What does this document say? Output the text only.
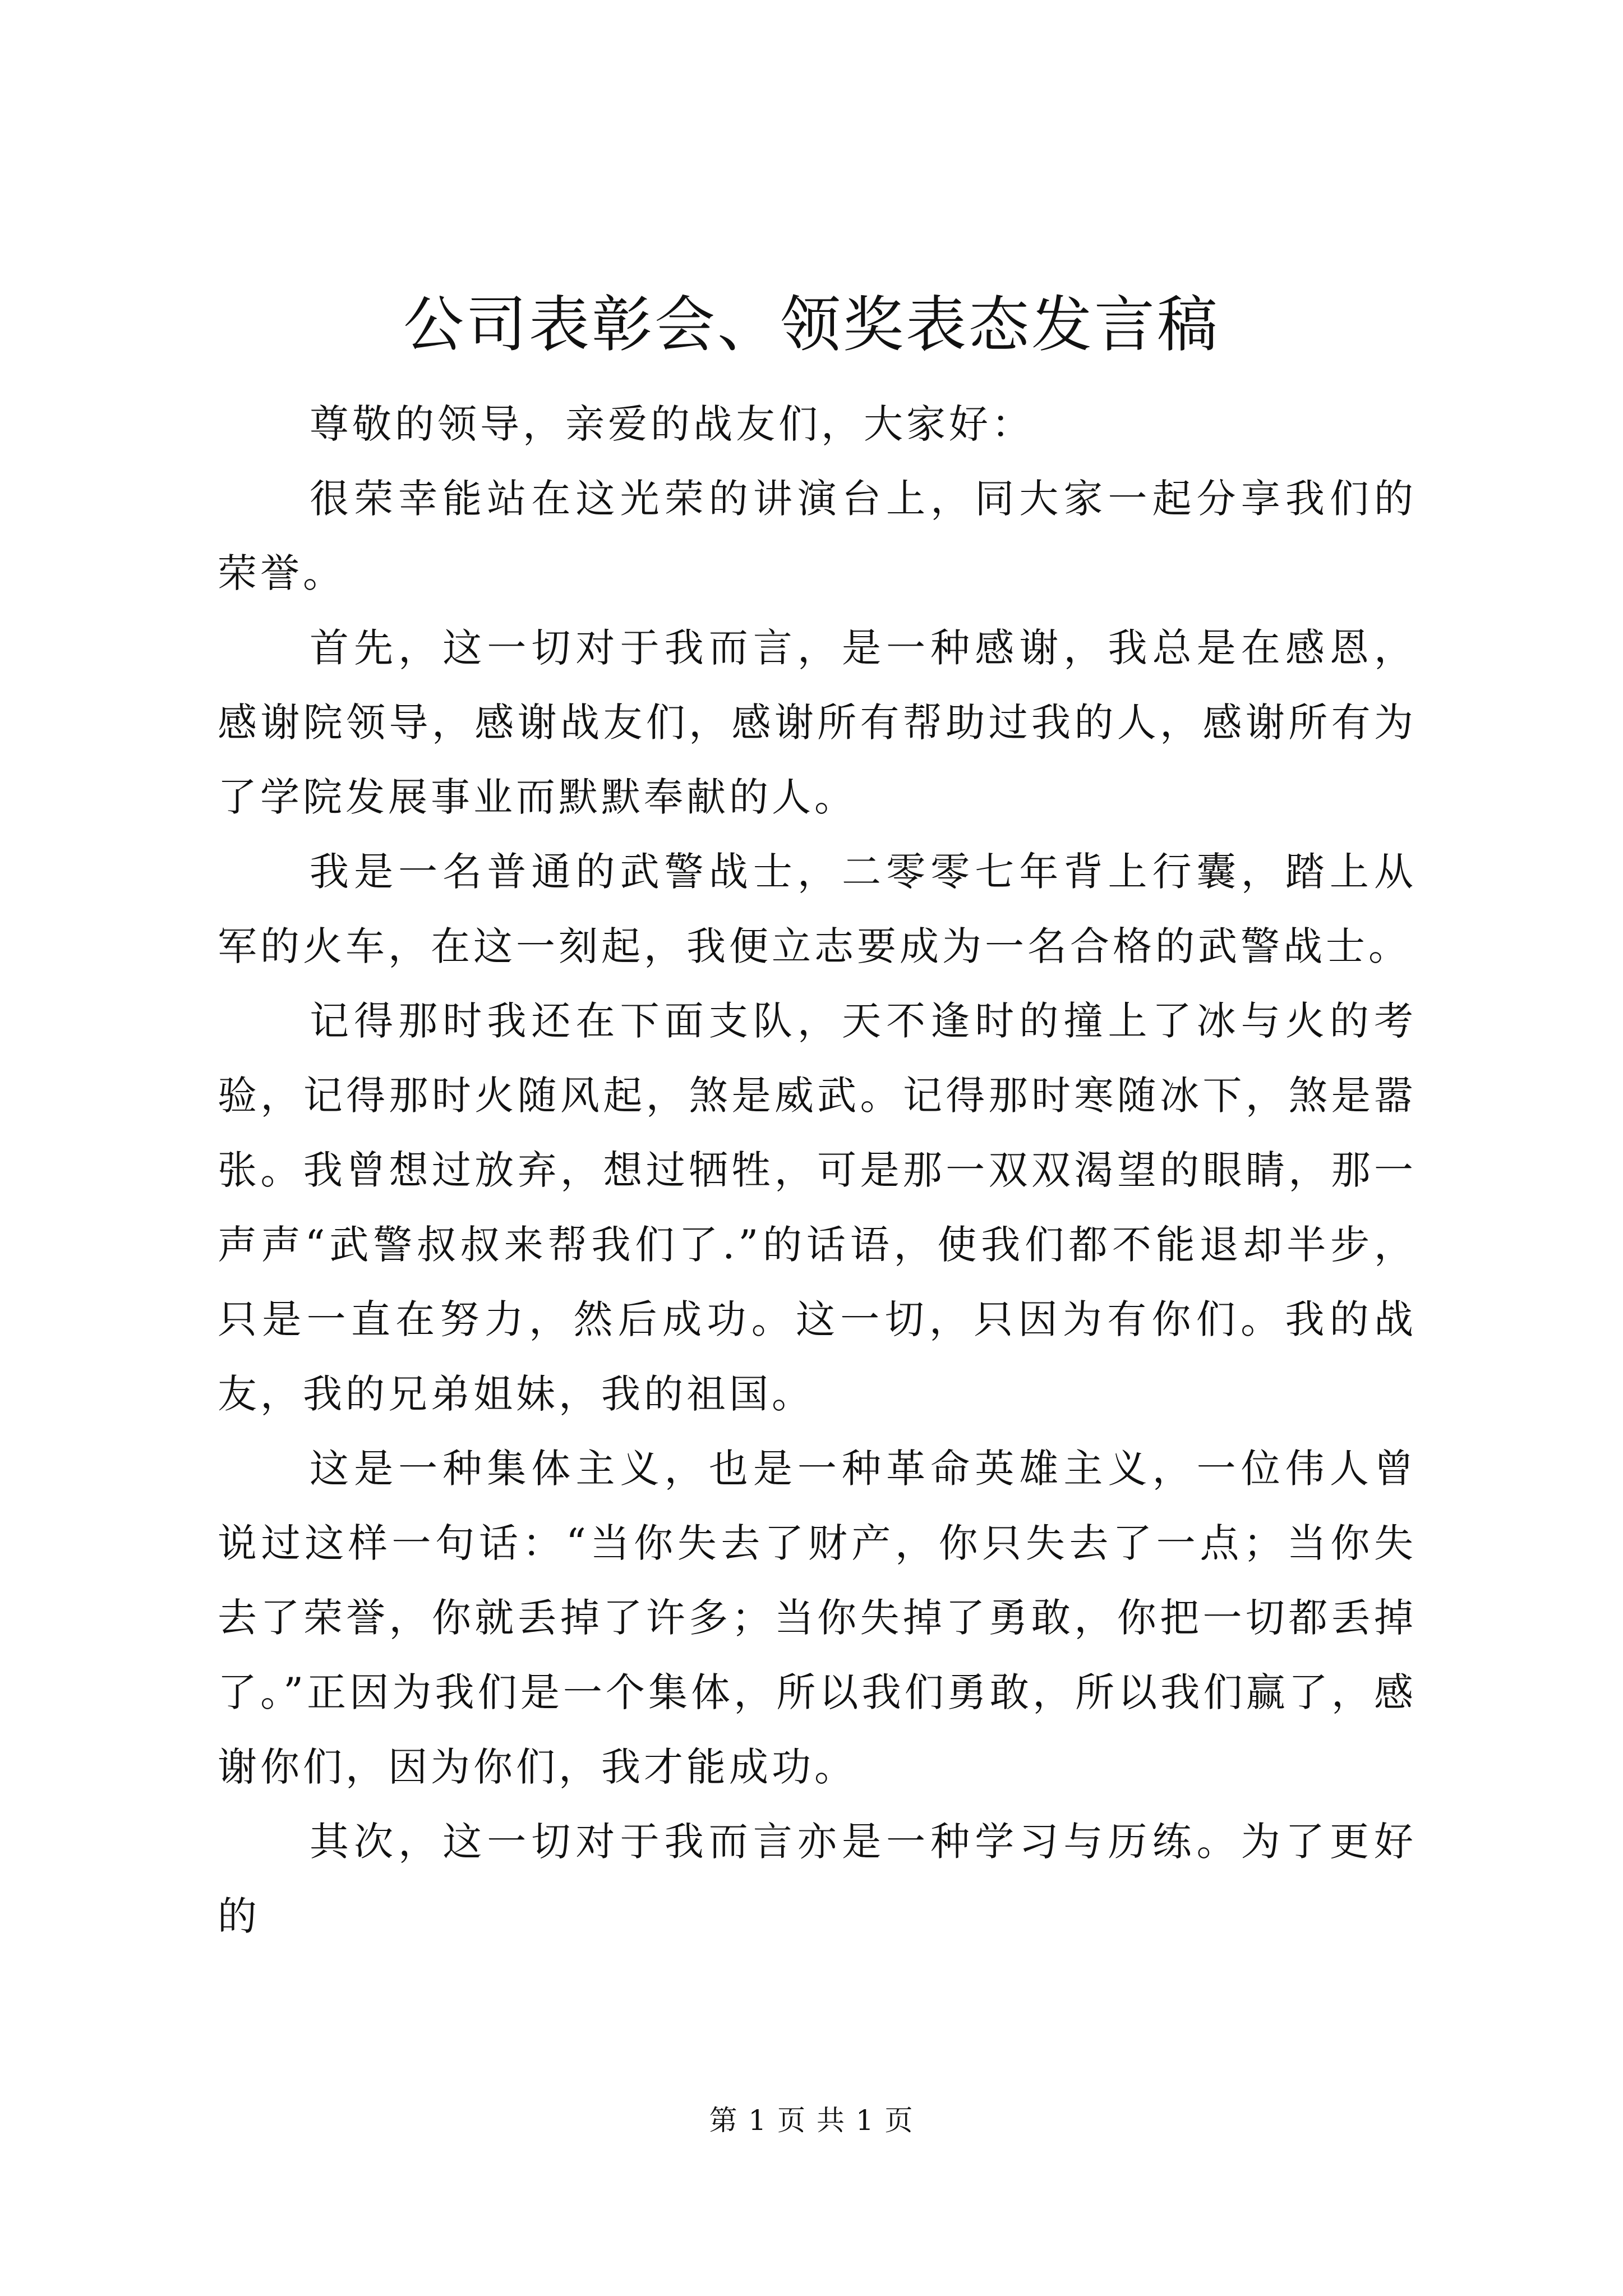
公司表彰会、领奖表态发言稿

尊敬的领导，亲爱的战友们，大家好：

很荣幸能站在这光荣的讲演台上，同大家一起分享我们的荣誉。

首先，这一切对于我而言，是一种感谢，我总是在感恩，感谢院领导，感谢战友们，感谢所有帮助过我的人，感谢所有为了学院发展事业而默默奉献的人。

我是一名普通的武警战士，二零零七年背上行囊，踏上从军的火车，在这一刻起，我便立志要成为一名合格的武警战士。

记得那时我还在下面支队，天不逢时的撞上了冰与火的考验，记得那时火随风起，煞是威武。记得那时寒随冰下，煞是嚣张。我曾想过放弃，想过牺牲，可是那一双双渴望的眼睛，那一声声“武警叔叔来帮我们了.”的话语，使我们都不能退却半步，只是一直在努力，然后成功。这一切，只因为有你们。我的战友，我的兄弟姐妹，我的祖国。

这是一种集体主义，也是一种革命英雄主义，一位伟人曾说过这样一句话：“当你失去了财产，你只失去了一点；当你失去了荣誉，你就丢掉了许多；当你失掉了勇敢，你把一切都丢掉了。”正因为我们是一个集体，所以我们勇敢，所以我们赢了，感谢你们，因为你们，我才能成功。

其次，这一切对于我而言亦是一种学习与历练。为了更好的

第 1 页 共 1 页
